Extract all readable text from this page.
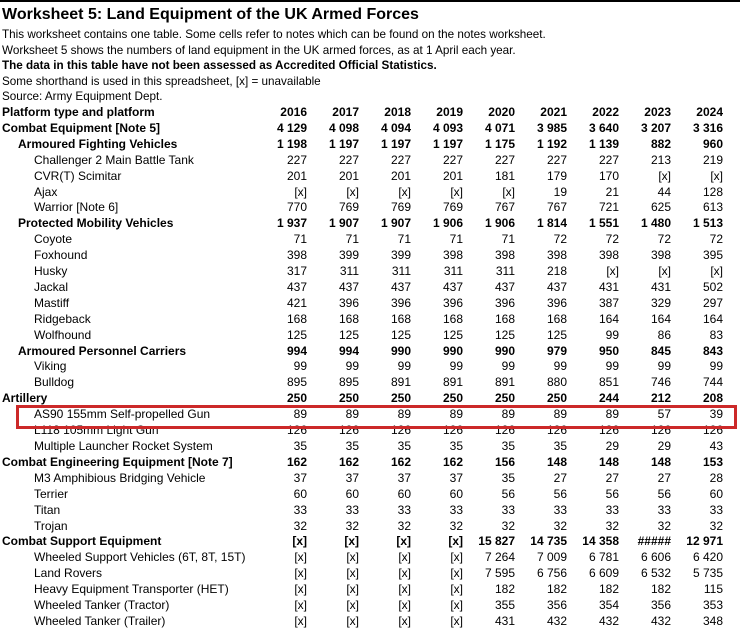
Worksheet 5: Land Equipment of the UK Armed Forces
This worksheet contains one table. Some cells refer to notes which can be found on the notes worksheet.
Worksheet 5 shows the numbers of land equipment in the UK armed forces, as at 1 April each year.
The data in this table have not been assessed as Accredited Official Statistics.
Some shorthand is used in this spreadsheet, [x] = unavailable
Source: Army Equipment Dept.
Platform type and platform	2016	2017	2018	2019	2020	2021	2022	2023	2024
Combat Equipment [Note 5]	4 129	4 098	4 094	4 093	4 071	3 985	3 640	3 207	3 316
Armoured Fighting Vehicles	1 198	1 197	1 197	1 197	1 175	1 192	1 139	882	960
Challenger 2 Main Battle Tank	227	227	227	227	227	227	227	213	219
CVR(T) Scimitar	201	201	201	201	181	179	170	[x]	[x]
Ajax	[x]	[x]	[x]	[x]	[x]	19	21	44	128
Warrior [Note 6]	770	769	769	769	767	767	721	625	613
Protected Mobility Vehicles	1 937	1 907	1 907	1 906	1 906	1 814	1 551	1 480	1 513
Coyote	71	71	71	71	71	72	72	72	72
Foxhound	398	399	399	398	398	398	398	398	395
Husky	317	311	311	311	311	218	[x]	[x]	[x]
Jackal	437	437	437	437	437	437	431	431	502
Mastiff	421	396	396	396	396	396	387	329	297
Ridgeback	168	168	168	168	168	168	164	164	164
Wolfhound	125	125	125	125	125	125	99	86	83
Armoured Personnel Carriers	994	994	990	990	990	979	950	845	843
Viking	99	99	99	99	99	99	99	99	99
Bulldog	895	895	891	891	891	880	851	746	744
Artillery	250	250	250	250	250	250	244	212	208
AS90 155mm Self-propelled Gun	89	89	89	89	89	89	89	57	39
L118 105mm Light Gun	126	126	126	126	126	126	126	126	126
Multiple Launcher Rocket System	35	35	35	35	35	35	29	29	43
Combat Engineering Equipment [Note 7]	162	162	162	162	156	148	148	148	153
M3 Amphibious Bridging Vehicle	37	37	37	37	35	27	27	27	28
Terrier	60	60	60	60	56	56	56	56	60
Titan	33	33	33	33	33	33	33	33	33
Trojan	32	32	32	32	32	32	32	32	32
Combat Support Equipment	[x]	[x]	[x]	[x]	15 827	14 735	14 358	#####	12 971
Wheeled Support Vehicles (6T, 8T, 15T)	[x]	[x]	[x]	[x]	7 264	7 009	6 781	6 606	6 420
Land Rovers	[x]	[x]	[x]	[x]	7 595	6 756	6 609	6 532	5 735
Heavy Equipment Transporter (HET)	[x]	[x]	[x]	[x]	182	182	182	182	115
Wheeled Tanker (Tractor)	[x]	[x]	[x]	[x]	355	356	354	356	353
Wheeled Tanker (Trailer)	[x]	[x]	[x]	[x]	431	432	432	432	348
